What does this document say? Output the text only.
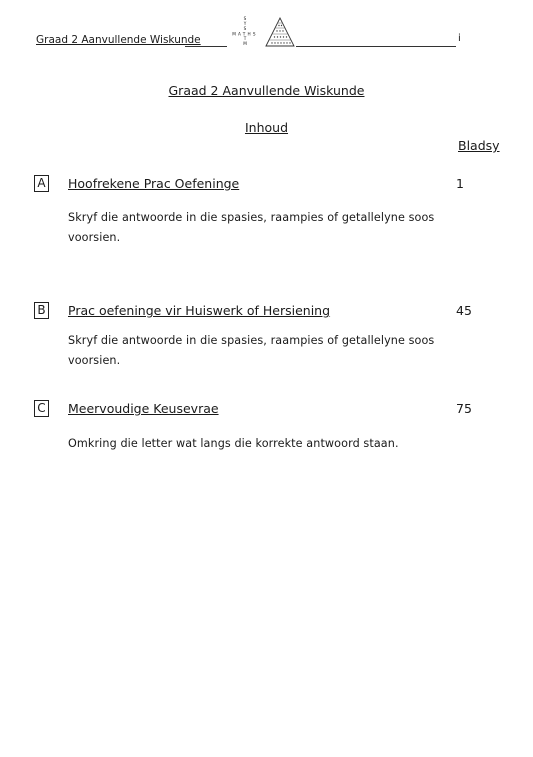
Graad 2 Aanvullende Wiskunde
S
Y
S
T
M
MATHS	i
Graad 2 Aanvullende Wiskunde
Inhoud
Bladsy
A Hoofrekene Prac Oefeninge	1
Skryf die antwoorde in die spasies, raampies of getallelyne soos voorsien.
B Prac oefeninge vir Huiswerk of Hersiening	45
Skryf die antwoorde in die spasies, raampies of getallelyne soos voorsien.
C Meervoudige Keusevrae	75
Omkring die letter wat langs die korrekte antwoord staan.
